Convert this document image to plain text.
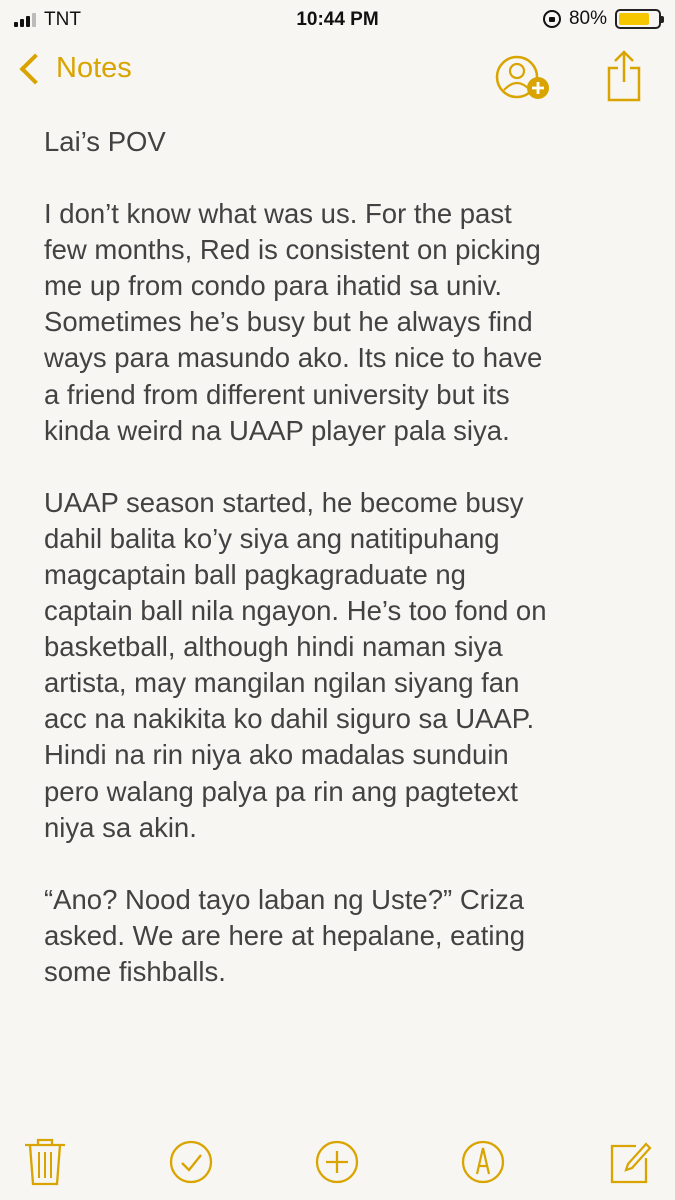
TNT	10:44 PM	80%
Notes

Lai’s POV

I don’t know what was us. For the past
few months, Red is consistent on picking
me up from condo para ihatid sa univ.
Sometimes he’s busy but he always find
ways para masundo ako. Its nice to have
a friend from different university but its
kinda weird na UAAP player pala siya.

UAAP season started, he become busy
dahil balita ko’y siya ang natitipuhang
magcaptain ball pagkagraduate ng
captain ball nila ngayon. He’s too fond on
basketball, although hindi naman siya
artista, may mangilan ngilan siyang fan
acc na nakikita ko dahil siguro sa UAAP.
Hindi na rin niya ako madalas sunduin
pero walang palya pa rin ang pagtetext
niya sa akin.

“Ano? Nood tayo laban ng Uste?” Criza
asked. We are here at hepalane, eating
some fishballs.
